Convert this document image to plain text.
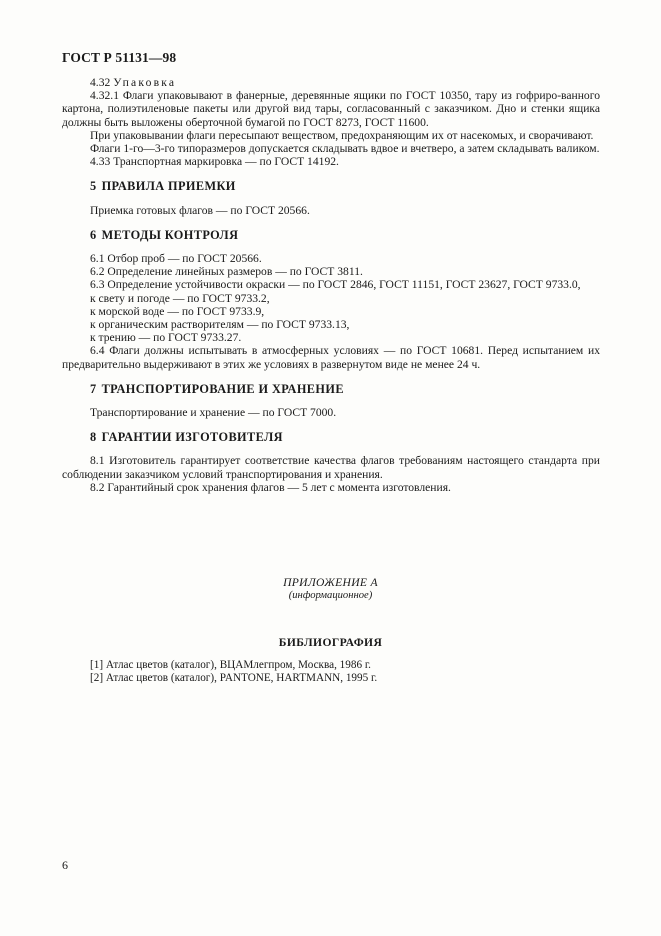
ГОСТ Р 51131—98

4.32 Упаковка

4.32.1 Флаги упаковывают в фанерные, деревянные ящики по ГОСТ 10350, тару из гофриро-ванного картона, полиэтиленовые пакеты или другой вид тары, согласованный с заказчиком. Дно и стенки ящика должны быть выложены оберточной бумагой по ГОСТ 8273, ГОСТ 11600.

При упаковывании флаги пересыпают веществом, предохраняющим их от насекомых, и сворачивают.

Флаги 1-го—3-го типоразмеров допускается складывать вдвое и вчетверо, а затем складывать валиком.

4.33 Транспортная маркировка — по ГОСТ 14192.

5 ПРАВИЛА ПРИЕМКИ

Приемка готовых флагов — по ГОСТ 20566.

6 МЕТОДЫ КОНТРОЛЯ

6.1 Отбор проб — по ГОСТ 20566.

6.2 Определение линейных размеров — по ГОСТ 3811.

6.3 Определение устойчивости окраски — по ГОСТ 2846, ГОСТ 11151, ГОСТ 23627, ГОСТ 9733.0,

к свету и погоде — по ГОСТ 9733.2,

к морской воде — по ГОСТ 9733.9,

к органическим растворителям — по ГОСТ 9733.13,

к трению — по ГОСТ 9733.27.

6.4 Флаги должны испытывать в атмосферных условиях — по ГОСТ 10681. Перед испытанием их предварительно выдерживают в этих же условиях в развернутом виде не менее 24 ч.

7 ТРАНСПОРТИРОВАНИЕ И ХРАНЕНИЕ

Транспортирование и хранение — по ГОСТ 7000.

8 ГАРАНТИИ ИЗГОТОВИТЕЛЯ

8.1 Изготовитель гарантирует соответствие качества флагов требованиям настоящего стандарта при соблюдении заказчиком условий транспортирования и хранения.

8.2 Гарантийный срок хранения флагов — 5 лет с момента изготовления.

ПРИЛОЖЕНИЕ А
(информационное)
БИБЛИОГРАФИЯ
[1] Атлас цветов (каталог), ВЦАМлегпром, Москва, 1986 г.
[2] Атлас цветов (каталог), PANTONE, HARTMANN, 1995 г.
6
